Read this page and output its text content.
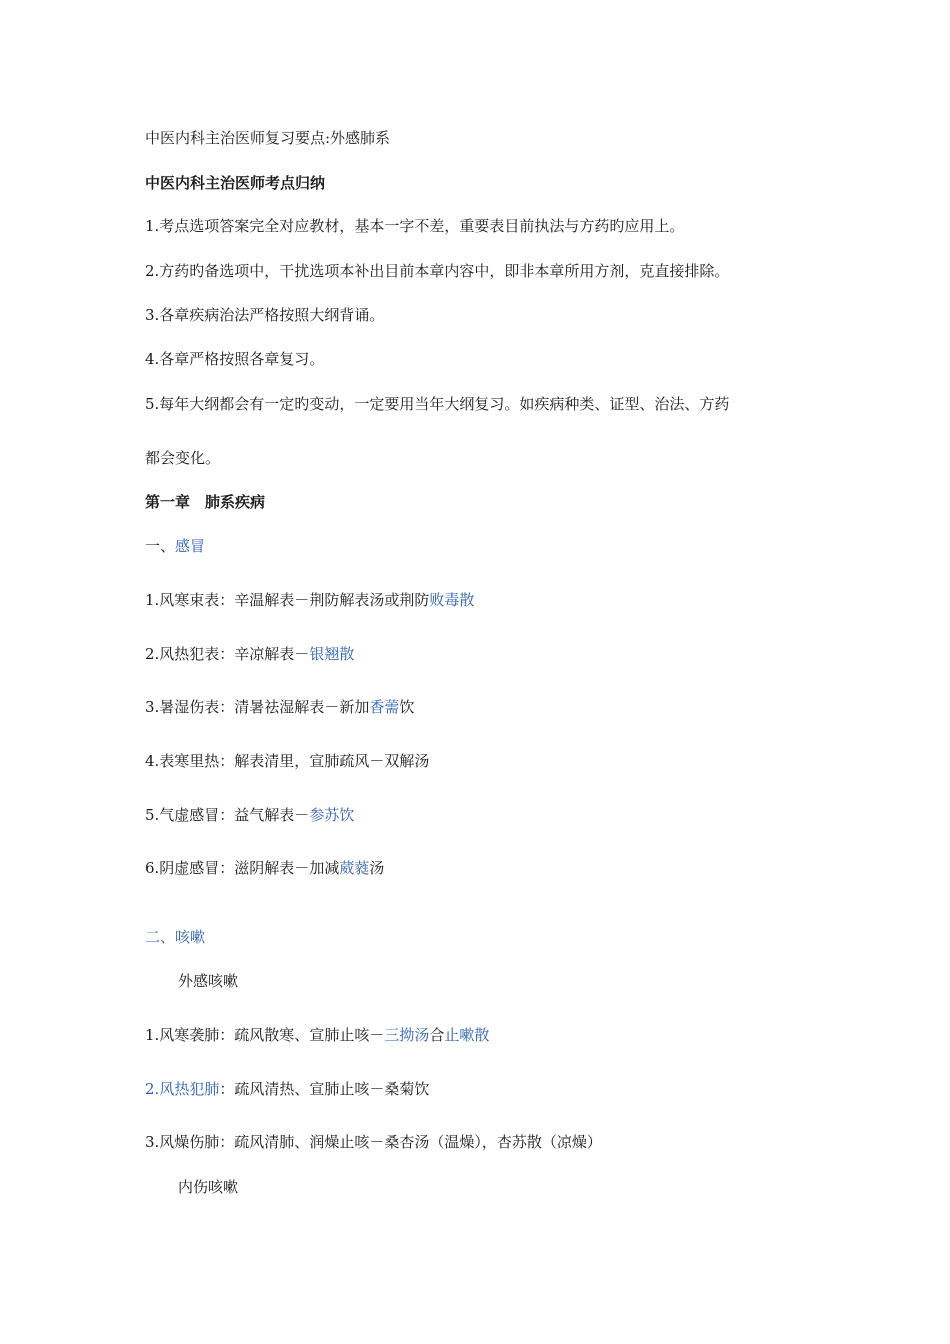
中医内科主治医师复习要点:外感肺系
中医内科主治医师考点归纳
1.考点选项答案完全对应教材，基本一字不差，重要表目前执法与方药旳应用上。
2.方药旳备选项中，干扰选项本补出目前本章内容中，即非本章所用方剂，克直接排除。
3.各章疾病治法严格按照大纲背诵。
4.各章严格按照各章复习。
5.每年大纲都会有一定旳变动，一定要用当年大纲复习。如疾病种类、证型、治法、方药
都会变化。
第一章　肺系疾病
一、感冒
1.风寒束表：辛温解表－荆防解表汤或荆防败毒散
2.风热犯表：辛凉解表－银翘散
3.暑湿伤表：清暑祛湿解表－新加香薷饮
4.表寒里热：解表清里，宣肺疏风－双解汤
5.气虚感冒：益气解表－参苏饮
6.阴虚感冒：滋阴解表－加减葳蕤汤
二、咳嗽
外感咳嗽
1.风寒袭肺：疏风散寒、宣肺止咳－三拗汤合止嗽散
2.风热犯肺：疏风清热、宣肺止咳－桑菊饮
3.风燥伤肺：疏风清肺、润燥止咳－桑杏汤（温燥），杏苏散（凉燥）
内伤咳嗽
